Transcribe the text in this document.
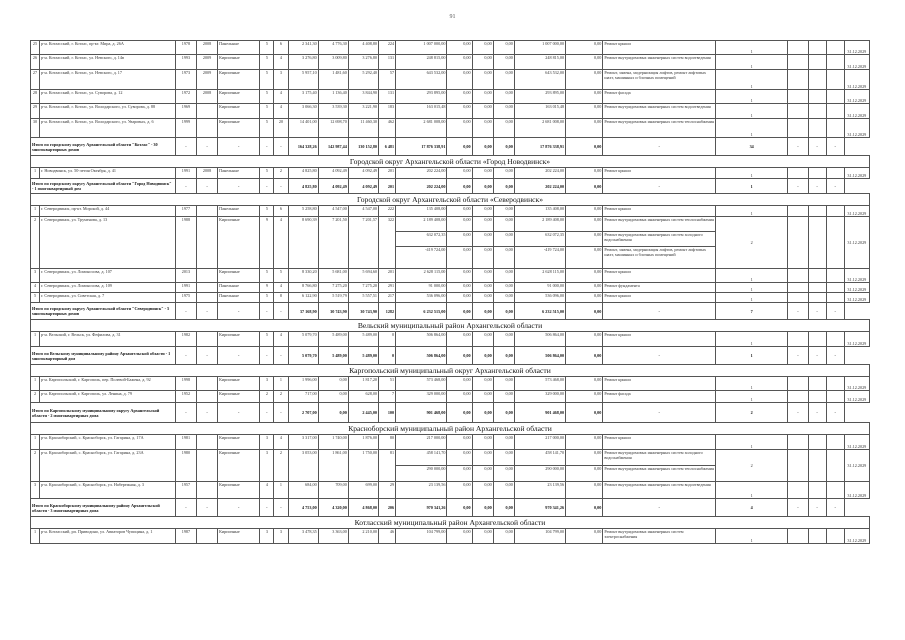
91
25	р-н. Котласский, г. Котлас, пр-кт. Мира, д. 26А	1978	2008	Панельные	5	6	2 341,30	4 776,30	4 408,80	224	1 007 000,00	0,00	0,00	0,00	1 007 000,00	0,00	Ремонт крыши	1				31.12.2029
26	р-н. Котласский, г. Котлас, ул. Невского, д. 14в	1993	2009	Кирпичные	5	4	3 276,80	3 009,80	3 276,80	131	248 815,00	0,00	0,00	0,00	248 815,00	0,00	Ремонт внутридомовых инженерных систем водоотведения	1				31.12.2029
27	р-н. Котласский, г. Котлас, ул. Невского, д. 17	1973	2009	Кирпичные	5	3	5 957,10	1 481,60	5 292,40	57	643 532,00	0,00	0,00	0,00	643 532,00	0,00	Ремонт, замена, модернизация лифтов, ремонт лифтовых шахт, машинных и блочных помещений	1				31.12.2029
28	р-н. Котласский, г. Котлас, ул. Суворова, д. 12	1972	2008	Кирпичные	5	4	3 175,40	1 136,40	3 844,90	131	293 895,00	0,00	0,00	0,00	293 895,00	0,00	Ремонт фасада	1				31.12.2029
29	р-н. Котласский, г. Котлас, ул. Володарского, ул. Суворова, д. 88	1969		Кирпичные	5	4	3 066,30	3 539,30	3 221,90	183	163 015,48	0,00	0,00	0,00	163 015,48	0,00	Ремонт внутридомовых инженерных систем водоотведения	1				31.12.2029
30	р-н. Котласский, г. Котлас, ул. Володарского, ул. Уваровых, д. 6	1999		Кирпичные	5	20	14 401,00	12 698,70	11 460,30	462	2 681 008,00	0,00	0,00	0,00	2 681 008,00	0,00	Ремонт внутридомовых инженерных систем теплоснабжения	1				31.12.2029
Итого по городскому округу Архангельской области "Котлас" - 30 многоквартирных домов		-	-	-	-	-	164 328,26	142 987,44	130 152,80	6 481	17 876 338,91	0,00	0,00	0,00	17 876 338,91	0,00	-	34	-	-	-	
Городской округ Архангельской области «Город Новодвинск»																						
1	г. Новодвинск, ул. 50-летия Октября, д. 41	1991	2008	Панельные	5	2	4 825,80	4 092,49	4 092,49	201	202 224,00	0,00	0,00	0,00	202 224,00	0,00	Ремонт крыши	1				31.12.2029
Итого по городскому округу Архангельской области "Город Новодвинск" - 1 многоквартирный дом		-	-	-	-	-	4 825,80	4 092,49	4 092,49	201	202 224,00	0,00	0,00	0,00	202 224,00	0,00	-	1	-	-	-	
Городской округ Архангельской области «Северодвинск»																						
1	г. Северодвинск, пр-кт. Морской, д. 44	1977		Панельные	5	6	5 258,80	4 547,00	4 547,00	222	135 408,00	0,00	0,00	0,00	135 408,00	0,00	Ремонт крыши	1				31.12.2029
2	г. Северодвинск, ул. Труменова, д. 13	1988		Кирпичные	9	4	8 690,39	7 201,50	7 201,57	322	2 189 408,00	0,00	0,00	0,00	2 189 408,00	0,00	Ремонт внутридомовых инженерных систем теплоснабжения	2				31.12.2029
											632 072,35	0,00	0,00	0,00	632 072,35	0,00	Ремонт внутридомовых инженерных систем холодного водоснабжения					
											-419 724,00	0,00	0,00	0,00	-419 724,00	0,00	Ремонт, замена, модернизация лифтов, ремонт лифтовых шахт, машинных и блочных помещений					
3	г. Северодвинск, ул. Ломоносова, д. 107	2013		Кирпичные	5	5	8 330,20	5 681,00	5 694,60	201	2 628 115,00	0,00	0,00	0,00	2 628 115,00	0,00	Ремонт крыши	1				31.12.2029
4	г. Северодвинск, ул. Ломоносова, д. 109	1991		Панельные	9	4	8 766,80	7 275,20	7 275,20	291	91 000,00	0,00	0,00	0,00	91 000,00	0,00	Ремонт фундамента	1				31.12.2029
5	г. Северодвинск, ул. Советская, д. 7	1975		Панельные	5	8	6 122,90	5 519,79	5 557,51	217	536 096,00	0,00	0,00	0,00	536 096,00	0,00	Ремонт крыши	1				31.12.2029
Итого по городскому округу Архангельской области "Северодвинск" - 5 многоквартирных домов		-	-	-	-	-	37 168,90	30 743,90	30 743,90	1282	6 232 515,00	0,00	0,00	0,00	6 232 515,00	0,00	-	7	-	-	-	
Вельский муниципальный район Архангельской области																						
1	р-н. Вельский, г. Вельск, ул. Фефилова, д. 31	1982		Кирпичные	5	4	5 079,70	5 489,00	5 489,00	0	506 864,00	0,00	0,00	0,00	506 864,00	0,00	Ремонт крыши	1				31.12.2029
Итого по Вельскому муниципальному району Архангельской области - 1 многоквартирный дом		-	-	-	-	-	5 079,70	5 489,00	5 489,00	0	506 864,00	0,00	0,00	0,00	506 864,00	0,00	-	1	-	-	-	
Каргопольский муниципальный округ Архангельской области																						
1	р-н. Каргопольский, г. Каргополь, пер. Полевой-Бажена, д. 92	1998		Кирпичные	3	1	1 996,00	0,00	1 817,20	51	573 468,00	0,00	0,00	0,00	573 468,00	0,00	Ремонт крыши	1				31.12.2029
2	р-н. Каргопольский, г. Каргополь, ул. Ленина, д. 79	1952		Кирпичные	2	2	717,00	0,00	628,00	7	329 000,00	0,00	0,00	0,00	329 000,00	0,00	Ремонт фасада	1				31.12.2029
Итого по Каргопольскому муниципальному округу Архангельской области - 2 многоквартирных дома		-	-	-	-	-	2 707,00	0,00	2 445,00	100	901 468,00	0,00	0,00	0,00	901 468,00	0,00	-	2	-	-	-	
Красноборский муниципальный район Архангельской области																						
1	р-н. Красноборский, с. Красноборск, ул. Гагарина, д. 17А	1981		Кирпичные	3	4	3 317,00	1 740,00	1 876,00	80	217 000,00	0,00	0,00	0,00	217 000,00	0,00	Ремонт крыши	1				31.12.2029
2	р-н. Красноборский, с. Красноборск, ул. Гагарина, д. 23А	1980		Кирпичные	3	2	3 053,00	1 861,00	1 750,00	81	458 141,70	0,00	0,00	0,00	458 141,70	0,00	Ремонт внутридомовых инженерных систем холодного водоснабжения	2				31.12.2029
											290 000,00	0,00	0,00	0,00	290 000,00	0,00	Ремонт внутридомовых инженерных систем теплоснабжения					
3	р-н. Красноборский, с. Красноборск, ул. Набережная, д. 3	1957		Кирпичные	4	1	684,00	709,00	699,00	29	23 139,56	0,00	0,00	0,00	23 139,56	0,00	Ремонт внутридомовых инженерных систем водоотведения	1				31.12.2029
Итого по Красноборскому муниципальному району Архангельской области - 3 многоквартирных дома		-	-	-	-	-	4 753,00	4 320,00	4 868,00	206	970 341,26	0,00	0,00	0,00	970 341,26	0,00	-	4	-	-	-	
Котласский муниципальный район Архангельской области																						
1	р-н. Котласский, рп. Приводино, ул. Авиаторов Чупицина, д. 1	1987		Кирпичные	3	3	3 478,35	3 363,00	2 210,00	46	104 799,00	0,00	0,00	0,00	104 799,00	0,00	Ремонт внутридомовых инженерных систем электроснабжения	1				31.12.2029
